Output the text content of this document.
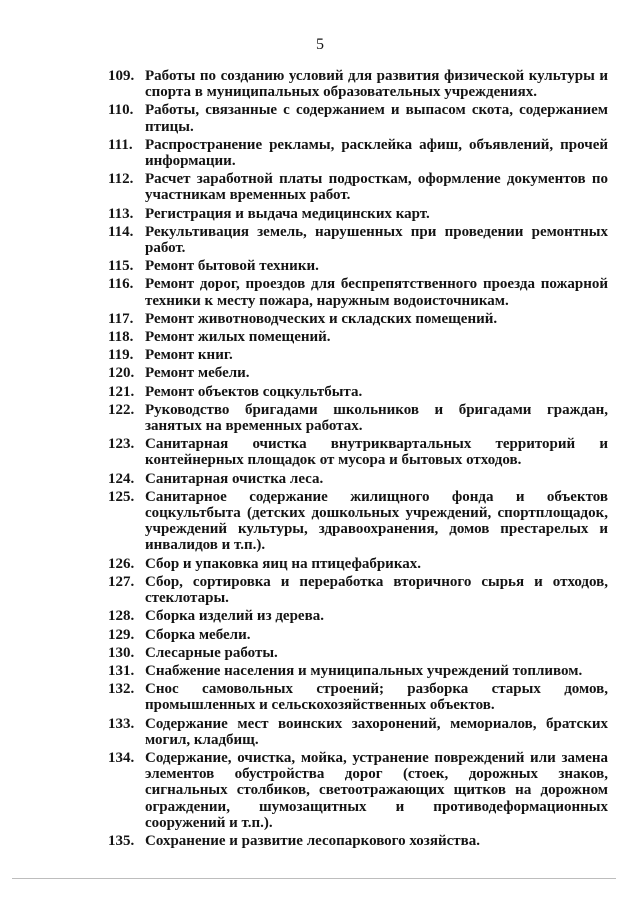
5
109. Работы по созданию условий для развития физической культуры и спорта в муниципальных образовательных учреждениях.
110. Работы, связанные с содержанием и выпасом скота, содержанием птицы.
111. Распространение рекламы, расклейка афиш, объявлений, прочей информации.
112. Расчет заработной платы подросткам, оформление документов по участникам временных работ.
113. Регистрация и выдача медицинских карт.
114. Рекультивация земель, нарушенных при проведении ремонтных работ.
115. Ремонт бытовой техники.
116. Ремонт дорог, проездов для беспрепятственного проезда пожарной техники к месту пожара, наружным водоисточникам.
117. Ремонт животноводческих и складских помещений.
118. Ремонт жилых помещений.
119. Ремонт книг.
120. Ремонт мебели.
121. Ремонт объектов соцкультбыта.
122. Руководство бригадами школьников и бригадами граждан, занятых на временных работах.
123. Санитарная очистка внутриквартальных территорий и контейнерных площадок от мусора и бытовых отходов.
124. Санитарная очистка леса.
125. Санитарное содержание жилищного фонда и объектов соцкультбыта (детских дошкольных учреждений, спортплощадок, учреждений культуры, здравоохранения, домов престарелых и инвалидов и т.п.).
126. Сбор и упаковка яиц на птицефабриках.
127. Сбор, сортировка и переработка вторичного сырья и отходов, стеклотары.
128. Сборка изделий из дерева.
129. Сборка мебели.
130. Слесарные работы.
131. Снабжение населения и муниципальных учреждений топливом.
132. Снос самовольных строений; разборка старых домов, промышленных и сельскохозяйственных объектов.
133. Содержание мест воинских захоронений, мемориалов, братских могил, кладбищ.
134. Содержание, очистка, мойка, устранение повреждений или замена элементов обустройства дорог (стоек, дорожных знаков, сигнальных столбиков, светоотражающих щитков на дорожном ограждении, шумозащитных и противодеформационных сооружений и т.п.).
135. Сохранение и развитие лесопаркового хозяйства.
